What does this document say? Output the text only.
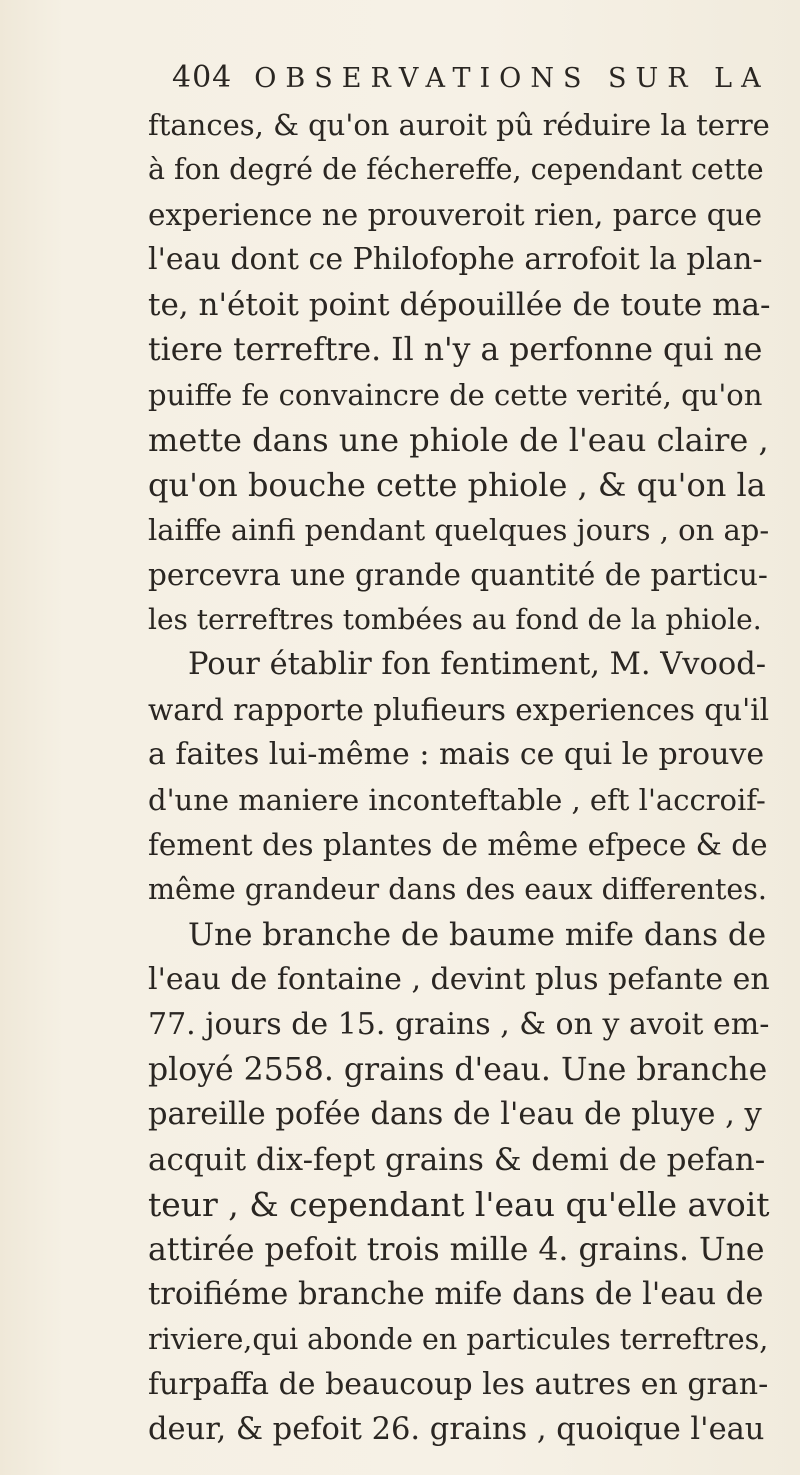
404 OBSERVATIONS SUR LA
ftances, & qu'on auroit pû réduire la terre
à fon degré de féchereffe, cependant cette
experience ne prouveroit rien, parce que
l'eau dont ce Philofophe arrofoit la plan-
te, n'étoit point dépouillée de toute ma-
tiere terreftre. Il n'y a perfonne qui ne
puiffe fe convaincre de cette verité, qu'on
mette dans une phiole de l'eau claire ,
qu'on bouche cette phiole , & qu'on la
laiffe ainfi pendant quelques jours , on ap-
percevra une grande quantité de particu-
les terreftres tombées au fond de la phiole.
Pour établir fon fentiment, M. Vvood-
ward rapporte plufieurs experiences qu'il
a faites lui-même : mais ce qui le prouve
d'une maniere inconteftable , eft l'accroif-
fement des plantes de même efpece & de
même grandeur dans des eaux differentes.
Une branche de baume mife dans de
l'eau de fontaine , devint plus pefante en
77. jours de 15. grains , & on y avoit em-
ployé 2558. grains d'eau. Une branche
pareille pofée dans de l'eau de pluye , y
acquit dix-fept grains & demi de pefan-
teur , & cependant l'eau qu'elle avoit
attirée pefoit trois mille 4. grains. Une
troifiéme branche mife dans de l'eau de
riviere,qui abonde en particules terreftres,
furpaffa de beaucoup les autres en gran-
deur, & pefoit 26. grains , quoique l'eau
